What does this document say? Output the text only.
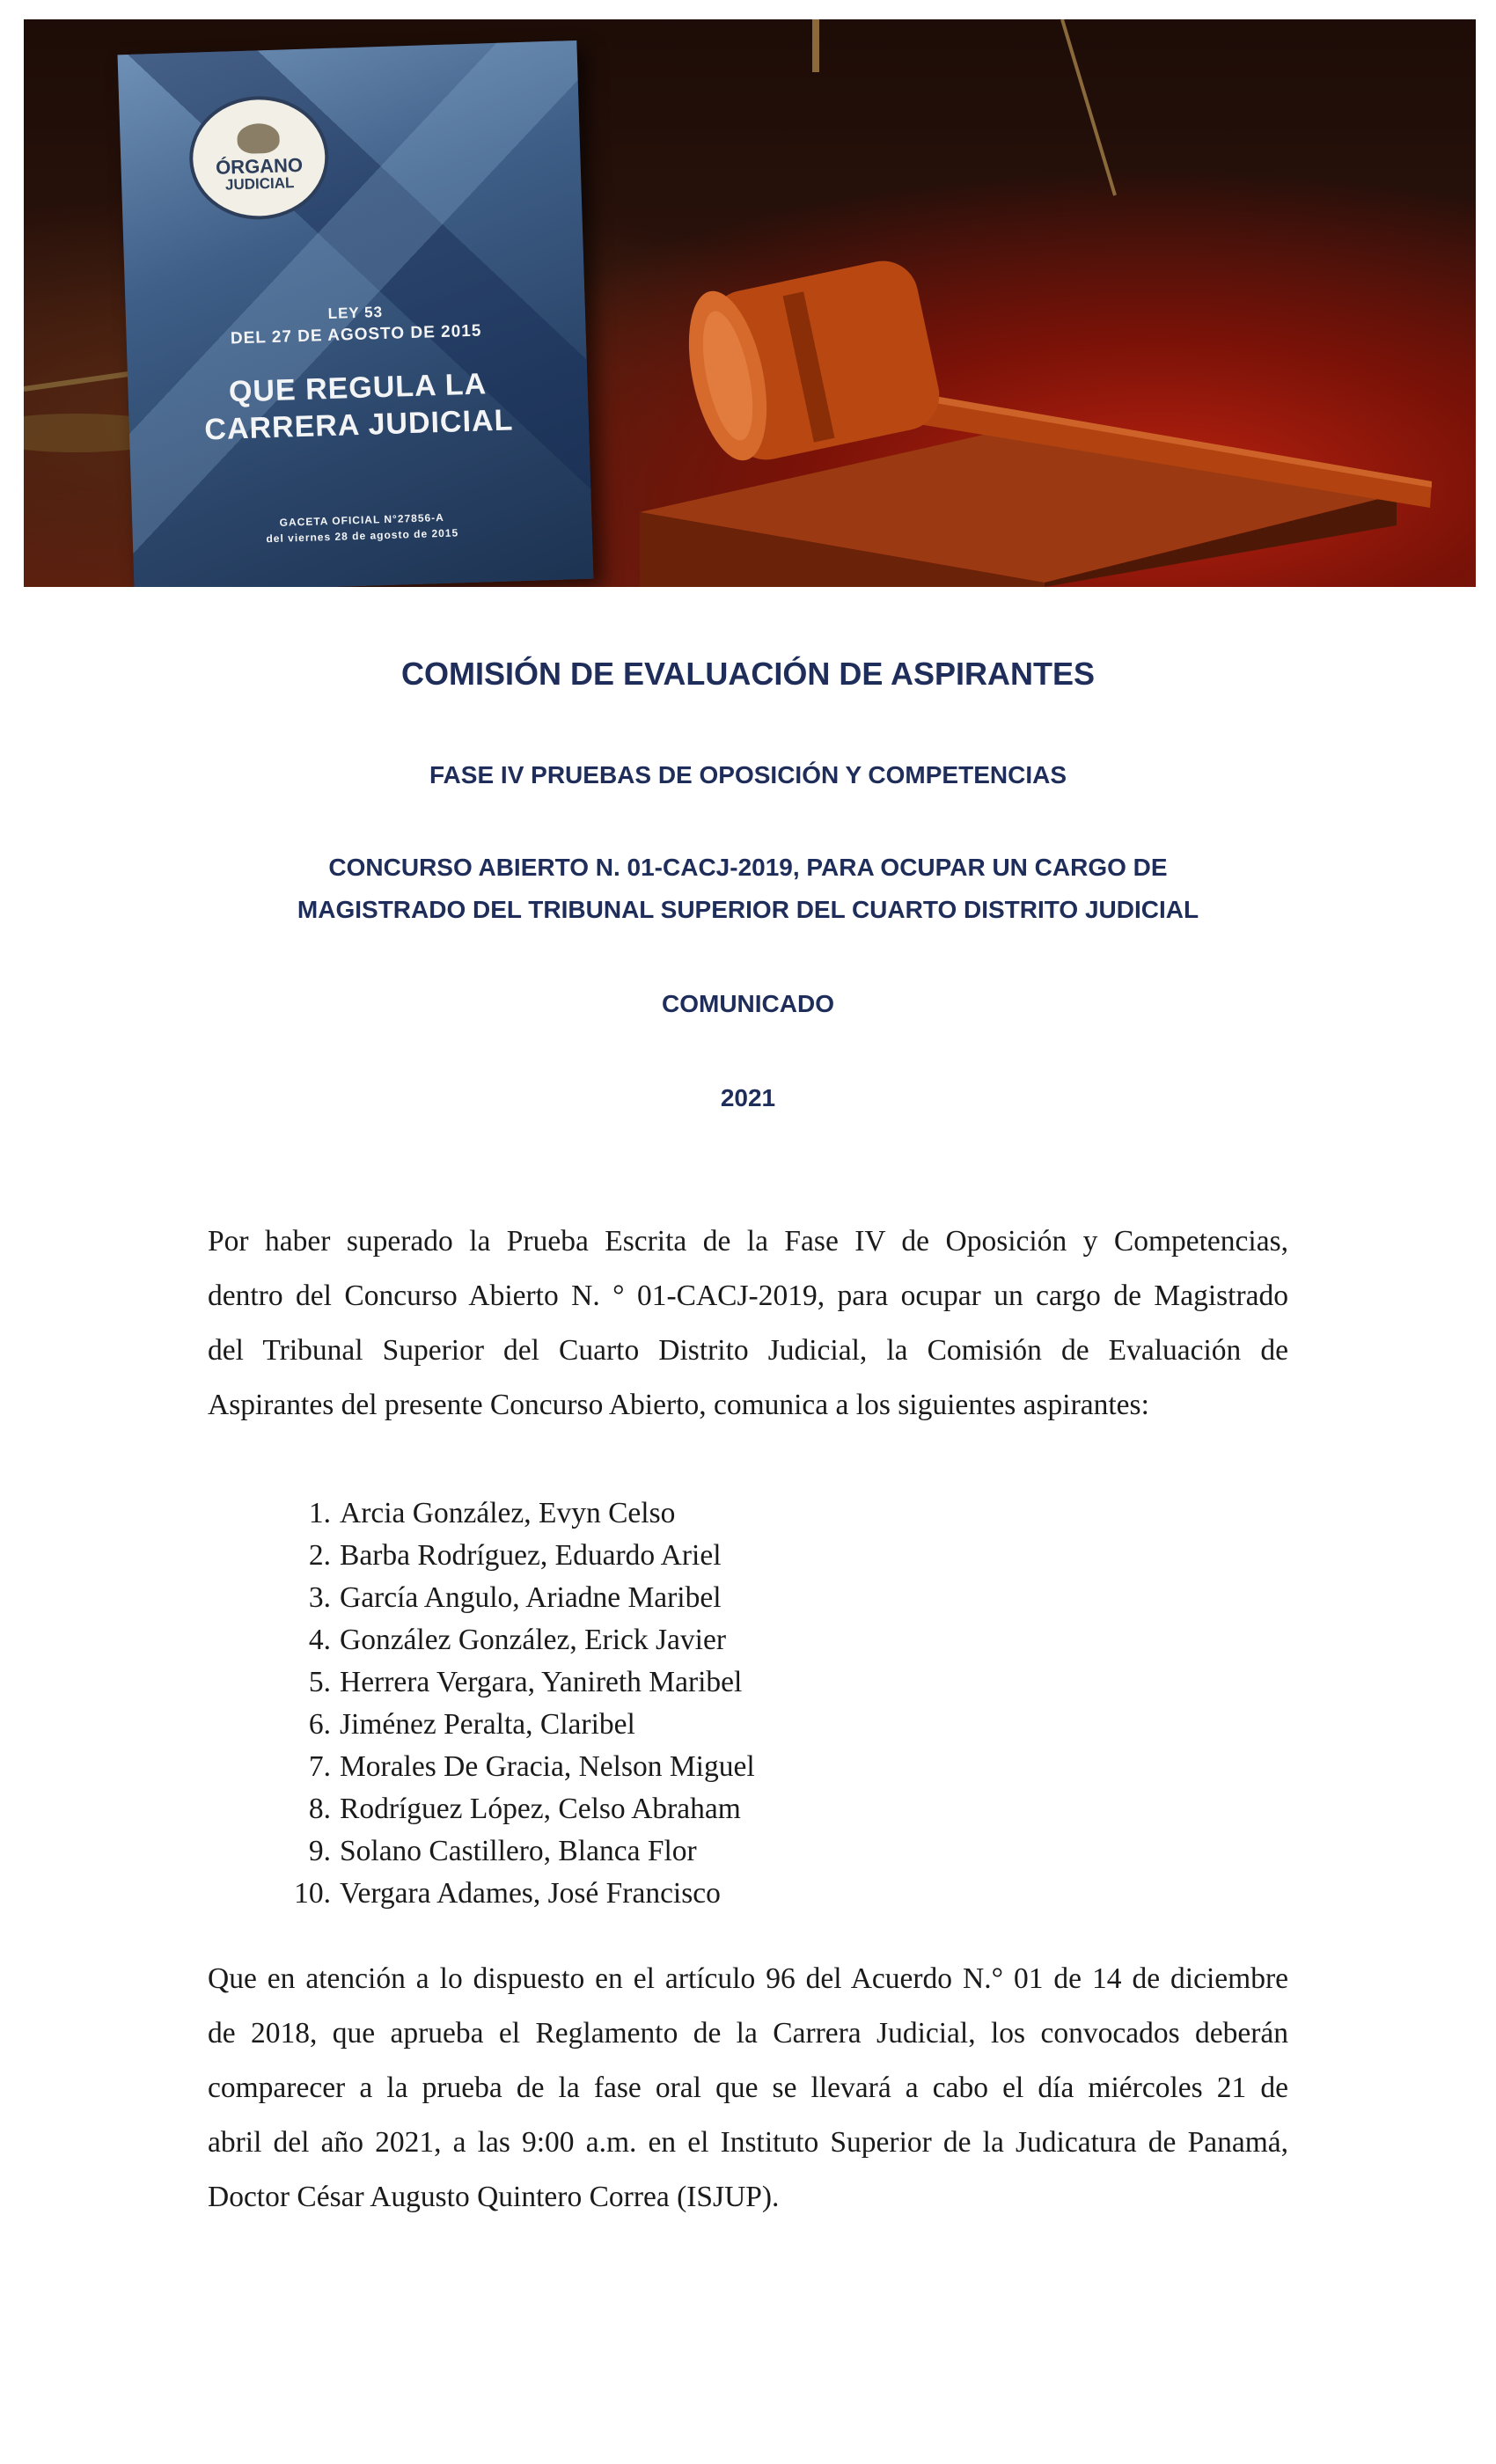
ÓRGANO
JUDICIAL
LEY 53
DEL 27 DE AGOSTO DE 2015
QUE REGULA LA
CARRERA JUDICIAL
GACETA OFICIAL N°27856-A
del viernes 28 de agosto de 2015
COMISIÓN DE EVALUACIÓN DE ASPIRANTES
FASE IV PRUEBAS DE OPOSICIÓN Y COMPETENCIAS
CONCURSO ABIERTO N. 01-CACJ-2019, PARA OCUPAR UN CARGO DE
MAGISTRADO DEL TRIBUNAL SUPERIOR DEL CUARTO DISTRITO JUDICIAL
COMUNICADO
2021
Por haber superado la Prueba Escrita de la Fase IV de Oposición y Competencias,
dentro del Concurso Abierto N. ° 01-CACJ-2019, para ocupar un cargo de Magistrado
del Tribunal Superior del Cuarto Distrito Judicial, la Comisión de Evaluación de
Aspirantes del presente Concurso Abierto, comunica a los siguientes aspirantes:
1. Arcia González, Evyn Celso
2. Barba Rodríguez, Eduardo Ariel
3. García Angulo, Ariadne Maribel
4. González González, Erick Javier
5. Herrera Vergara, Yanireth Maribel
6. Jiménez Peralta, Claribel
7. Morales De Gracia, Nelson Miguel
8. Rodríguez López, Celso Abraham
9. Solano Castillero, Blanca Flor
10. Vergara Adames, José Francisco
Que en atención a lo dispuesto en el artículo 96 del Acuerdo N.° 01 de 14 de diciembre
de 2018, que aprueba el Reglamento de la Carrera Judicial, los convocados deberán
comparecer a la prueba de la fase oral que se llevará a cabo el día miércoles 21 de
abril del año 2021, a las 9:00 a.m. en el Instituto Superior de la Judicatura de Panamá,
Doctor César Augusto Quintero Correa (ISJUP).
